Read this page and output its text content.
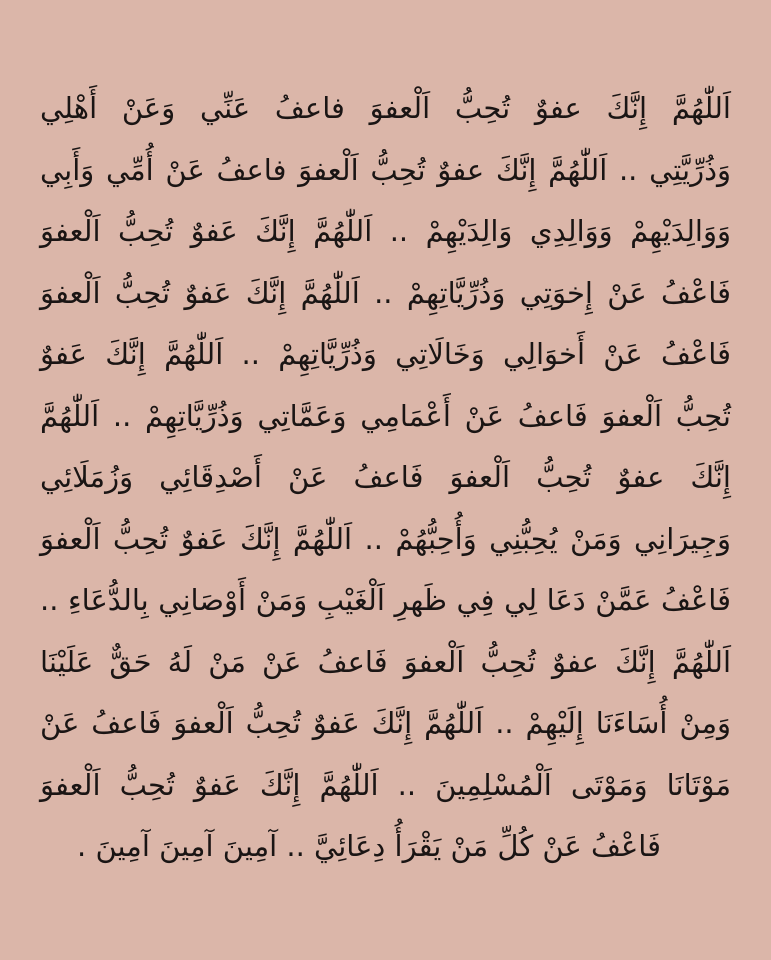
اَللّٰهُمَّ إِنَّكَ عفوٌ تُحِبُّ اَلْعفوَ فاعفُ عَنِّي وَعَنْ أَهْلِي
وَذُرِّيَّتِي .. اَللّٰهُمَّ إِنَّكَ عفوٌ تُحِبُّ اَلْعفوَ فاعفُ عَنْ أُمِّي وَأَبِي
وَوَالِدَيْهِمْ وَوَالِدِي وَالِدَيْهِمْ .. اَللّٰهُمَّ إِنَّكَ عَفوٌ تُحِبُّ اَلْعفوَ
فَاعْفُ عَنْ إِخوَتِي وَذُرِّيَّاتِهِمْ .. اَللّٰهُمَّ إِنَّكَ عَفوٌ تُحِبُّ اَلْعفوَ
فَاعْفُ عَنْ أَخوَالِي وَخَالَاتِي وَذُرِّيَّاتِهِمْ .. اَللّٰهُمَّ إِنَّكَ عَفوٌ
تُحِبُّ اَلْعفوَ فَاعفُ عَنْ أَعْمَامِي وَعَمَّاتِي وَذُرِّيَّاتِهِمْ .. اَللّٰهُمَّ
إِنَّكَ عفوٌ تُحِبُّ اَلْعفوَ فَاعفُ عَنْ أَصْدِقَائِي وَزُمَلَائِي
وَجِيرَانِي وَمَنْ يُحِبُّنِي وَأُحِبُّهُمْ .. اَللّٰهُمَّ إِنَّكَ عَفوٌ تُحِبُّ اَلْعفوَ
فَاعْفُ عَمَّنْ دَعَا لِي فِي ظَهرِ اَلْغَيْبِ وَمَنْ أَوْصَانِي بِالدُّعَاءِ ..
اَللّٰهُمَّ إِنَّكَ عفوٌ تُحِبُّ اَلْعفوَ فَاعفُ عَنْ مَنْ لَهُ حَقٌّ عَلَيْنَا
وَمِنْ أُسَاءَنَا إِلَيْهِمْ .. اَللّٰهُمَّ إِنَّكَ عَفوٌ تُحِبُّ اَلْعفوَ فَاعفُ عَنْ
مَوْتَانَا وَمَوْتَى اَلْمُسْلِمِينَ .. اَللّٰهُمَّ إِنَّكَ عَفوٌ تُحِبُّ اَلْعفوَ
فَاعْفُ عَنْ كُلِّ مَنْ يَقْرَأُ دِعَائِيَّ .. آمِينَ آمِينَ آمِينَ .
